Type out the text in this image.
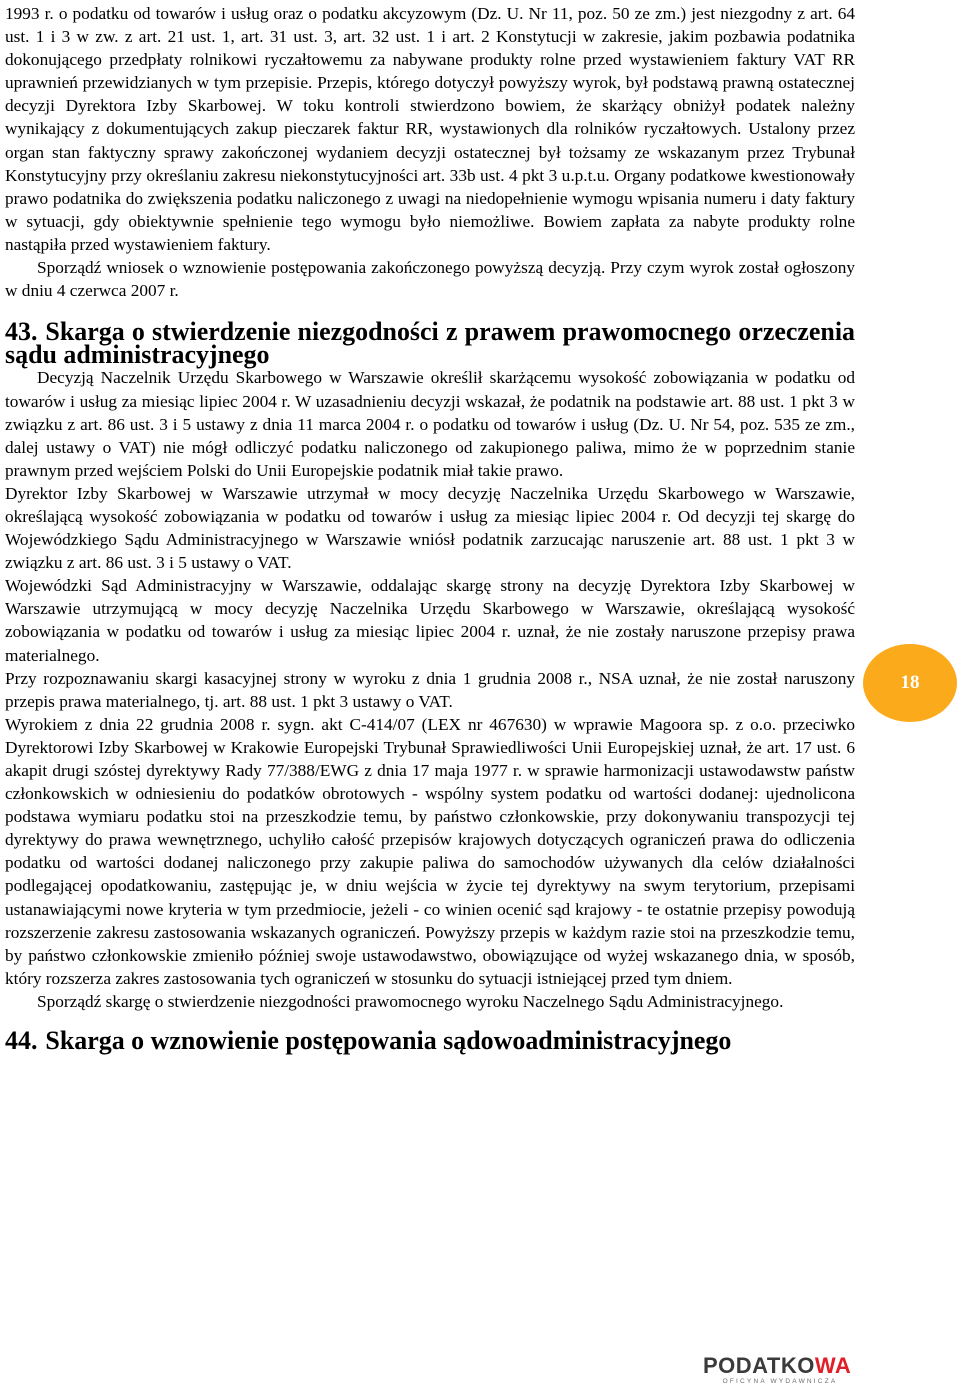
1993 r. o podatku od towarów i usług oraz o podatku akcyzowym (Dz. U. Nr 11, poz. 50 ze zm.) jest niezgodny z art. 64 ust. 1 i 3 w zw. z art. 21 ust. 1, art. 31 ust. 3, art. 32 ust. 1 i art. 2 Konstytucji w zakresie, jakim pozbawia podatnika dokonującego przedpłaty rolnikowi ryczałtowemu za nabywane produkty rolne przed wystawieniem faktury VAT RR uprawnień przewidzianych w tym przepisie. Przepis, którego dotyczył powyższy wyrok, był podstawą prawną ostatecznej decyzji Dyrektora Izby Skarbowej. W toku kontroli stwierdzono bowiem, że skarżący obniżył podatek należny wynikający z dokumentujących zakup pieczarek faktur RR, wystawionych dla rolników ryczałtowych. Ustalony przez organ stan faktyczny sprawy zakończonej wydaniem decyzji ostatecznej był tożsamy ze wskazanym przez Trybunał Konstytucyjny przy określaniu zakresu niekonstytucyjności art. 33b ust. 4 pkt 3 u.p.t.u. Organy podatkowe kwestionowały prawo podatnika do zwiększenia podatku naliczonego z uwagi na niedopełnienie wymogu wpisania numeru i daty faktury w sytuacji, gdy obiektywnie spełnienie tego wymogu było niemożliwe. Bowiem zapłata za nabyte produkty rolne nastąpiła przed wystawieniem faktury.

Sporządź wniosek o wznowienie postępowania zakończonego powyższą decyzją. Przy czym wyrok został ogłoszony w dniu 4 czerwca 2007 r.

43. Skarga o stwierdzenie niezgodności z prawem prawomocnego orzeczenia sądu administracyjnego

Decyzją Naczelnik Urzędu Skarbowego w Warszawie określił skarżącemu wysokość zobowiązania w podatku od towarów i usług za miesiąc lipiec 2004 r. W uzasadnieniu decyzji wskazał, że podatnik na podstawie art. 88 ust. 1 pkt 3 w związku z art. 86 ust. 3 i 5 ustawy z dnia 11 marca 2004 r. o podatku od towarów i usług (Dz. U. Nr 54, poz. 535 ze zm., dalej ustawy o VAT) nie mógł odliczyć podatku naliczonego od zakupionego paliwa, mimo że w poprzednim stanie prawnym przed wejściem Polski do Unii Europejskie podatnik miał takie prawo.

Dyrektor Izby Skarbowej w Warszawie utrzymał w mocy decyzję Naczelnika Urzędu Skarbowego w Warszawie, określającą wysokość zobowiązania w podatku od towarów i usług za miesiąc lipiec 2004 r. Od decyzji tej skargę do Wojewódzkiego Sądu Administracyjnego w Warszawie wniósł podatnik zarzucając naruszenie art. 88 ust. 1 pkt 3 w związku z art. 86 ust. 3 i 5 ustawy o VAT.

Wojewódzki Sąd Administracyjny w Warszawie, oddalając skargę strony na decyzję Dyrektora Izby Skarbowej w Warszawie utrzymującą w mocy decyzję Naczelnika Urzędu Skarbowego w Warszawie, określającą wysokość zobowiązania w podatku od towarów i usług za miesiąc lipiec 2004 r. uznał, że nie zostały naruszone przepisy prawa materialnego.

Przy rozpoznawaniu skargi kasacyjnej strony w wyroku z dnia 1 grudnia 2008 r., NSA uznał, że nie został naruszony przepis prawa materialnego, tj. art. 88 ust. 1 pkt 3 ustawy o VAT.

Wyrokiem z dnia 22 grudnia 2008 r. sygn. akt C-414/07 (LEX nr 467630) w wprawie Magoora sp. z o.o. przeciwko Dyrektorowi Izby Skarbowej w Krakowie Europejski Trybunał Sprawiedliwości Unii Europejskiej uznał, że art. 17 ust. 6 akapit drugi szóstej dyrektywy Rady 77/388/EWG z dnia 17 maja 1977 r. w sprawie harmonizacji ustawodawstw państw członkowskich w odniesieniu do podatków obrotowych - wspólny system podatku od wartości dodanej: ujednolicona podstawa wymiaru podatku stoi na przeszkodzie temu, by państwo członkowskie, przy dokonywaniu transpozycji tej dyrektywy do prawa wewnętrznego, uchyliło całość przepisów krajowych dotyczących ograniczeń prawa do odliczenia podatku od wartości dodanej naliczonego przy zakupie paliwa do samochodów używanych dla celów działalności podlegającej opodatkowaniu, zastępując je, w dniu wejścia w życie tej dyrektywy na swym terytorium, przepisami ustanawiającymi nowe kryteria w tym przedmiocie, jeżeli - co winien ocenić sąd krajowy - te ostatnie przepisy powodują rozszerzenie zakresu zastosowania wskazanych ograniczeń. Powyższy przepis w każdym razie stoi na przeszkodzie temu, by państwo członkowskie zmieniło później swoje ustawodawstwo, obowiązujące od wyżej wskazanego dnia, w sposób, który rozszerza zakres zastosowania tych ograniczeń w stosunku do sytuacji istniejącej przed tym dniem.

Sporządź skargę o stwierdzenie niezgodności prawomocnego wyroku Naczelnego Sądu Administracyjnego.

44. Skarga o wznowienie postępowania sądowoadministracyjnego
18
PODATKOWA
OFICYNA WYDAWNICZA
